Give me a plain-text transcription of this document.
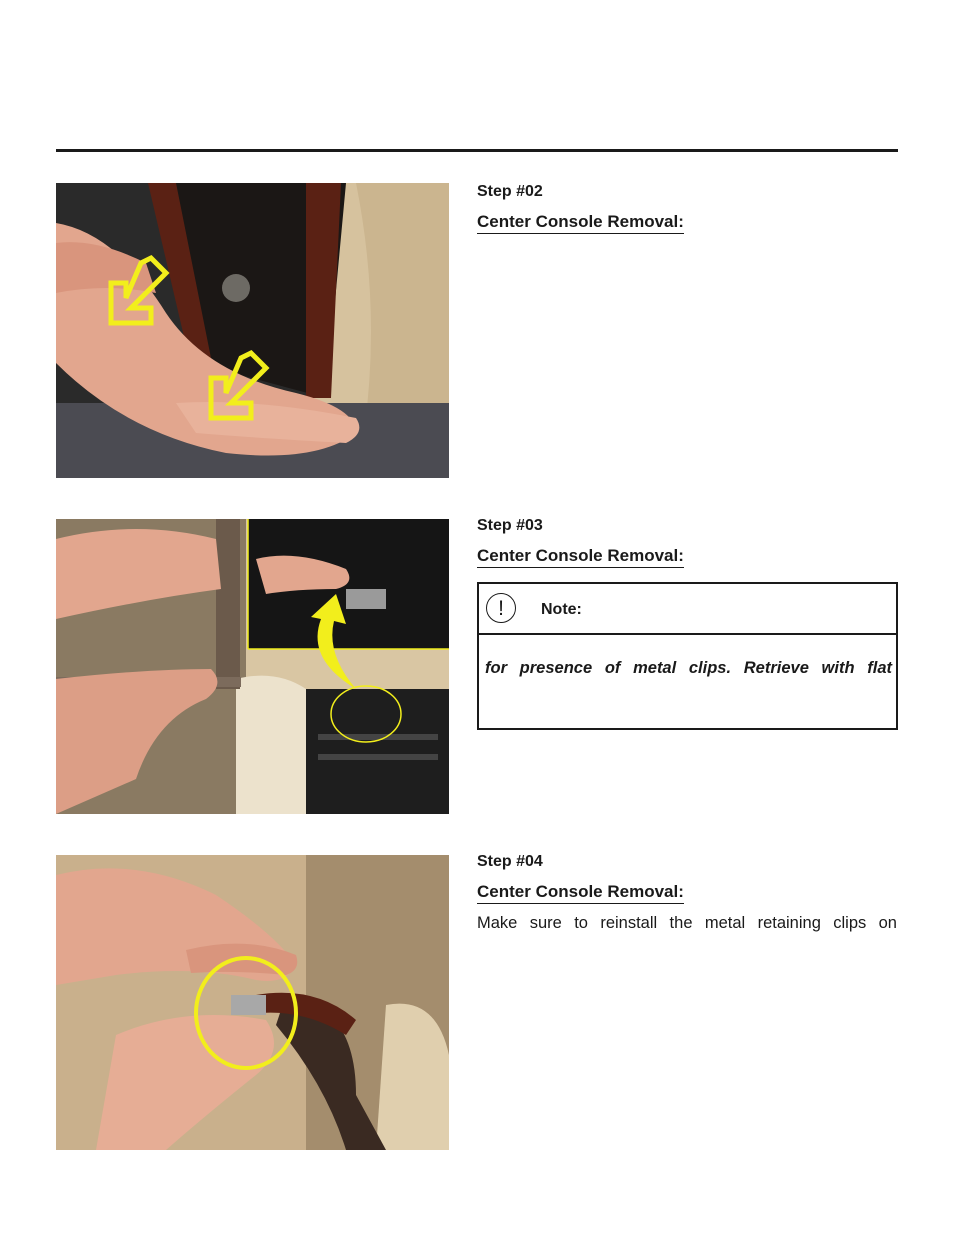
Step #02
Center Console Removal:
Step #03
Center Console Removal:
!	Note:
for presence of metal clips. Retrieve with flat
Step #04
Center Console Removal:
Make sure to reinstall the metal retaining clips on
